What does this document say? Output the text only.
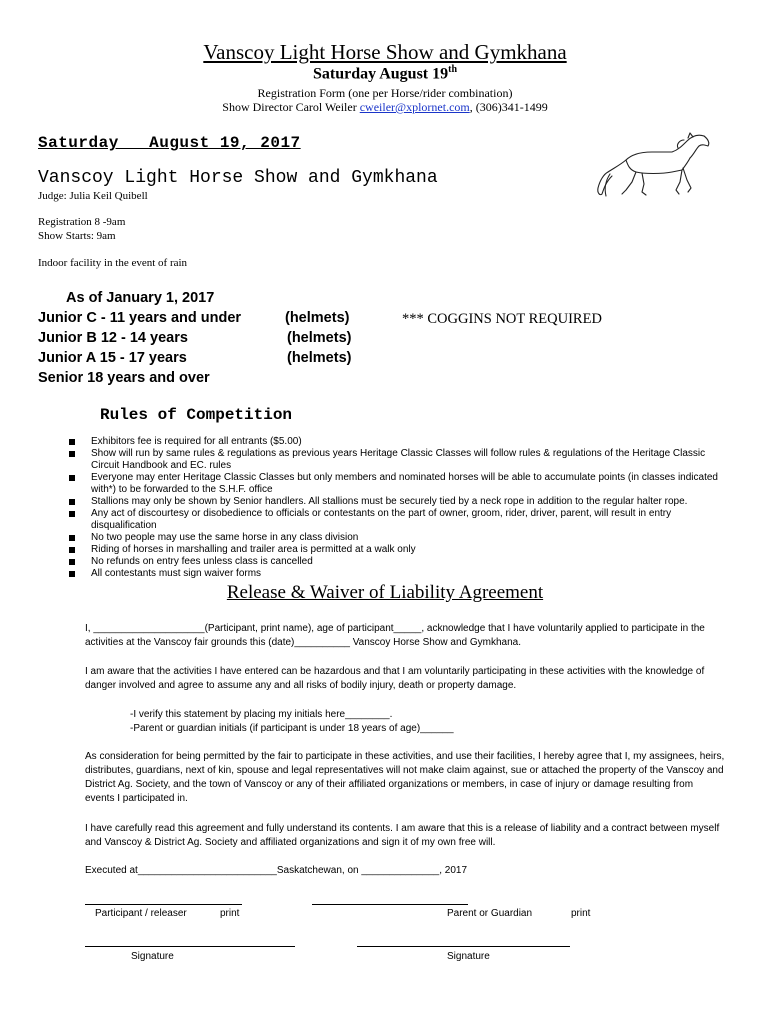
Vanscoy Light Horse Show and Gymkhana
Saturday August 19th
Registration Form (one per Horse/rider combination)
Show Director Carol Weiler cweiler@xplornet.com, (306)341-1499
Saturday   August 19, 2017
Vanscoy Light Horse Show and Gymkhana
Judge: Julia Keil Quibell
Registration 8 -9am
Show Starts: 9am
Indoor facility in the event of rain
As of January 1, 2017
Junior C - 11 years and under	(helmets)
Junior B 12 - 14 years	(helmets)
Junior A 15 - 17 years	(helmets)
Senior 18 years and over
*** COGGINS NOT REQUIRED
Rules of Competition
Exhibitors fee is required for all entrants ($5.00)
Show will run by same rules & regulations as previous years Heritage Classic Classes will follow rules & regulations of the Heritage Classic Circuit Handbook and EC. rules
Everyone may enter Heritage Classic Classes but only members and nominated horses will be able to accumulate points (in classes indicated with*) to be forwarded to the S.H.F. office
Stallions may only be shown by Senior handlers. All stallions must be securely tied by a neck rope in addition to the regular halter rope.
Any act of discourtesy or disobedience to officials or contestants on the part of owner, groom, rider, driver, parent, will result in entry disqualification
No two people may use the same horse in any class division
Riding of horses in marshalling and trailer area is permitted at a walk only
No refunds on entry fees unless class is cancelled
All contestants must sign waiver forms
Release & Waiver of Liability Agreement
I, ____________________(Participant, print name), age of participant_____, acknowledge that I have voluntarily applied to participate in the activities at the Vanscoy fair grounds this (date)__________ Vanscoy Horse Show and Gymkhana.
I am aware that the activities I have entered can be hazardous and that I am voluntarily participating in these activities with the knowledge of danger involved and agree to assume any and all risks of bodily injury, death or property damage.
-I verify this statement by placing my initials here________.
-Parent or guardian initials (if participant is under 18 years of age)______
As consideration for being permitted by the fair to participate in these activities, and use their facilities, I hereby agree that I, my assignees, heirs, distributes, guardians, next of kin, spouse and legal representatives will not make claim against, sue or attached the property of the Vanscoy and District Ag. Society, and the town of Vanscoy or any of their affiliated organizations or members, in case of injury or damage resulting from events I participated in.
I have carefully read this agreement and fully understand its contents. I am aware that this is a release of liability and a contract between myself and Vanscoy & District Ag. Society and affiliated organizations and sign it of my own free will.
Executed at_________________________Saskatchewan, on ______________, 2017
Participant / releaser	print	Parent or Guardian	print
Signature	Signature
